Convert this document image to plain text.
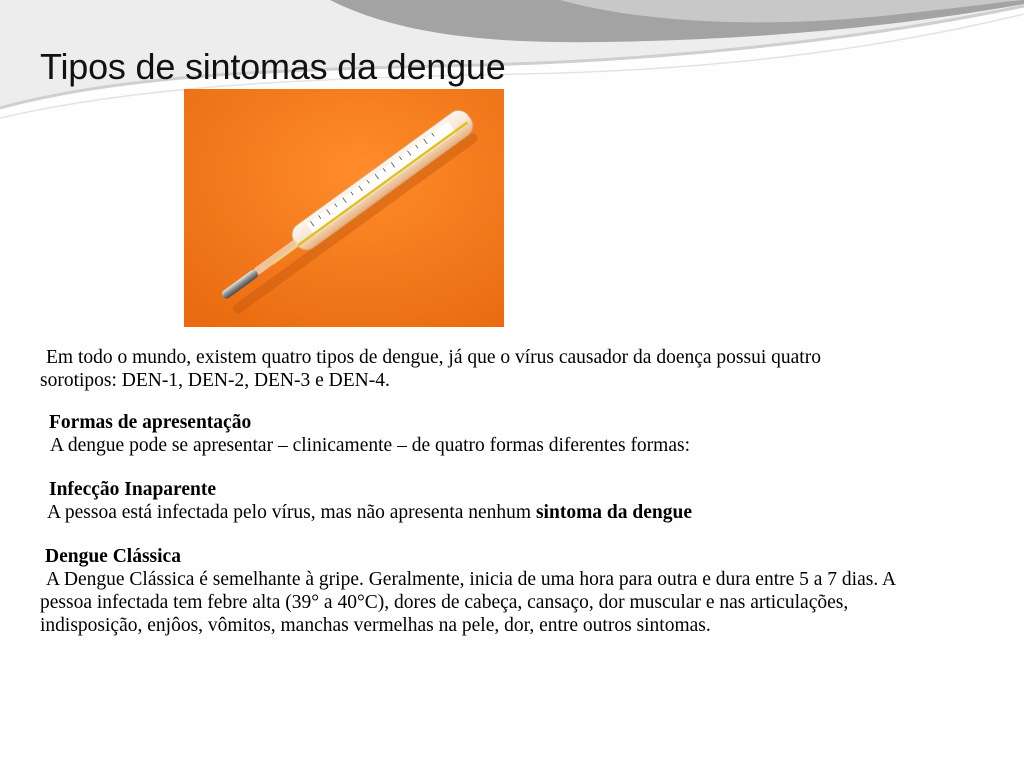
Tipos de sintomas da dengue

Em todo o mundo, existem quatro tipos de dengue, já que o vírus causador da doença possui quatro sorotipos: DEN-1, DEN-2, DEN-3 e DEN-4.

Formas de apresentação

A dengue pode se apresentar – clinicamente – de quatro formas diferentes formas:

Infecção Inaparente

A pessoa está infectada pelo vírus, mas não apresenta nenhum sintoma da dengue

Dengue Clássica

A Dengue Clássica é semelhante à gripe. Geralmente, inicia de uma hora para outra e dura entre 5 a 7 dias. A pessoa infectada tem febre alta (39° a 40°C), dores de cabeça, cansaço, dor muscular e nas articulações, indisposição, enjôos, vômitos, manchas vermelhas na pele, dor, entre outros sintomas.
